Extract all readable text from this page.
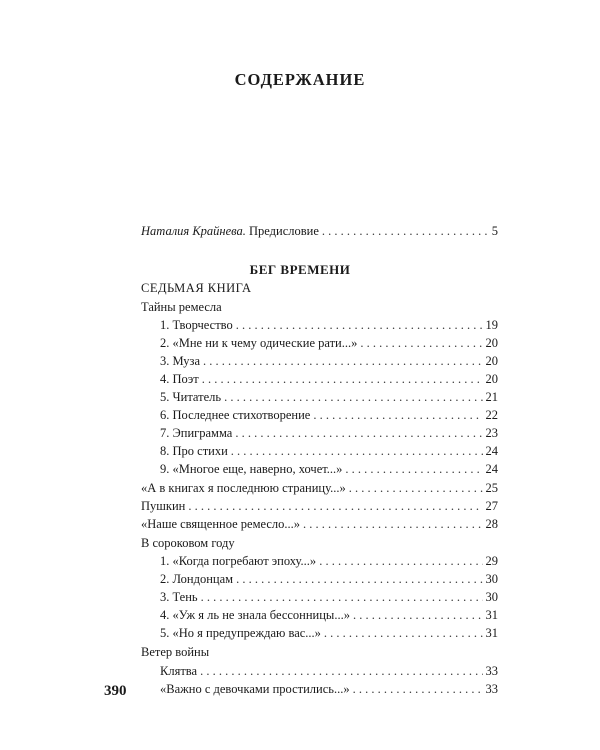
СОДЕРЖАНИЕ
Наталия Крайнева. Предисловие . . .	5
БЕГ ВРЕМЕНИ
СЕДЬМАЯ КНИГА
Тайны ремесла
1. Творчество . . .	19
2. «Мне ни к чему одические рати...» . . .	20
3. Муза . . .	20
4. Поэт . . .	20
5. Читатель . . .	21
6. Последнее стихотворение . . .	22
7. Эпиграмма . . .	23
8. Про стихи . . .	24
9. «Многое еще, наверно, хочет...» . . .	24
«А в книгах я последнюю страницу...» . . .	25
Пушкин . . .	27
«Наше священное ремесло...» . . .	28
В сороковом году
1. «Когда погребают эпоху...» . . .	29
2. Лондонцам . . .	30
3. Тень . . .	30
4. «Уж я ль не знала бессонницы...» . . .	31
5. «Но я предупреждаю вас...» . . .	31
Ветер войны
Клятва . . .	33
«Важно с девочками простились...» . . .	33
390
